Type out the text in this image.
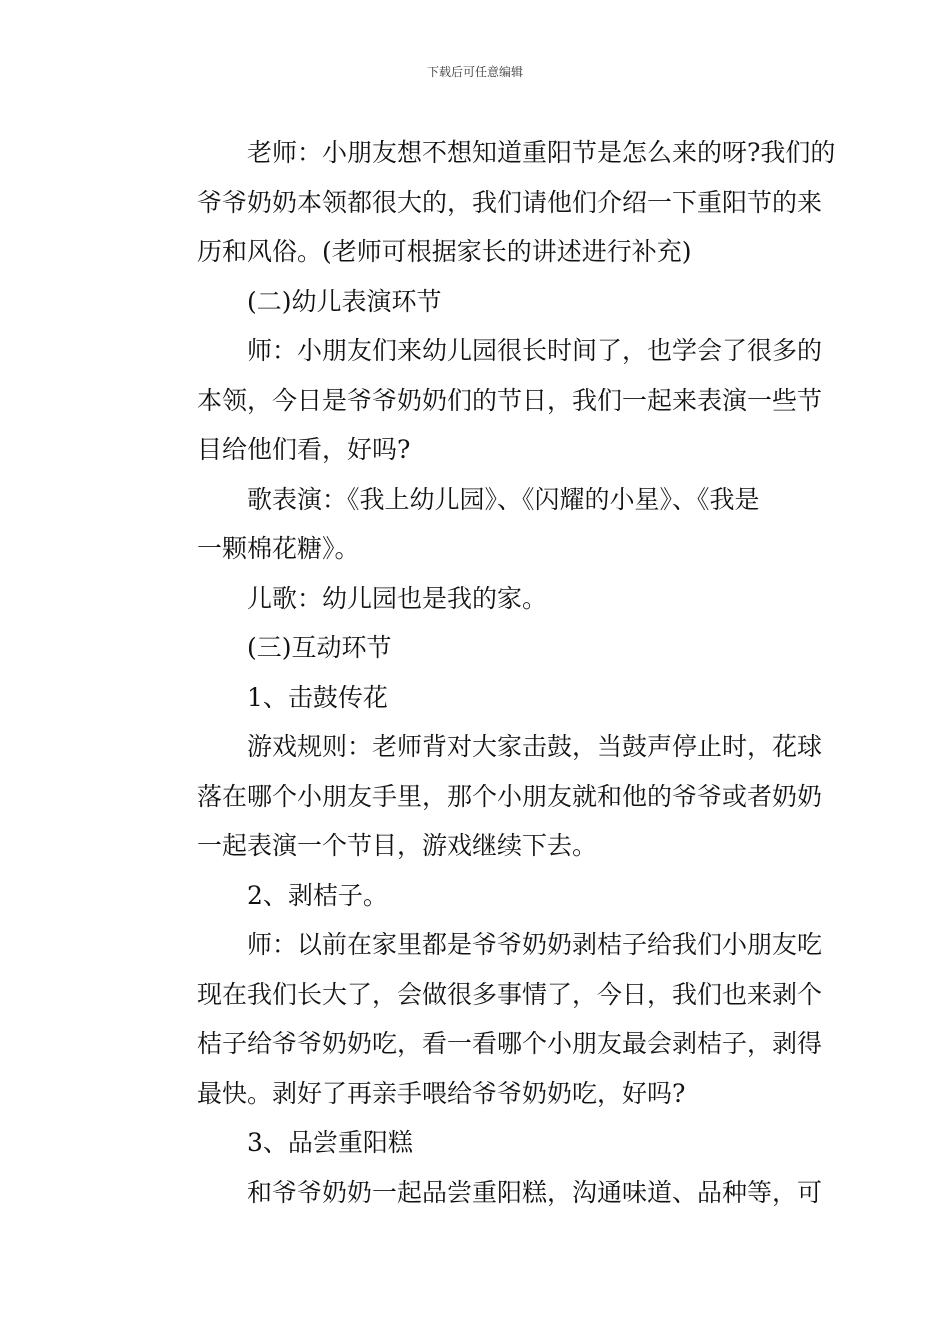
下载后可任意编辑
老师：小朋友想不想知道重阳节是怎么来的呀?我们的
爷爷奶奶本领都很大的，我们请他们介绍一下重阳节的来
历和风俗。(老师可根据家长的讲述进行补充)
(二)幼儿表演环节
师：小朋友们来幼儿园很长时间了，也学会了很多的
本领，今日是爷爷奶奶们的节日，我们一起来表演一些节
目给他们看，好吗?
歌表演：《我上幼儿园》、《闪耀的小星》、《我是
一颗棉花糖》。
儿歌：幼儿园也是我的家。
(三)互动环节
1、击鼓传花
游戏规则：老师背对大家击鼓，当鼓声停止时，花球
落在哪个小朋友手里，那个小朋友就和他的爷爷或者奶奶
一起表演一个节目，游戏继续下去。
2、剥桔子。
师：以前在家里都是爷爷奶奶剥桔子给我们小朋友吃
现在我们长大了，会做很多事情了，今日，我们也来剥个
桔子给爷爷奶奶吃，看一看哪个小朋友最会剥桔子，剥得
最快。剥好了再亲手喂给爷爷奶奶吃，好吗?
3、品尝重阳糕
和爷爷奶奶一起品尝重阳糕，沟通味道、品种等，可
